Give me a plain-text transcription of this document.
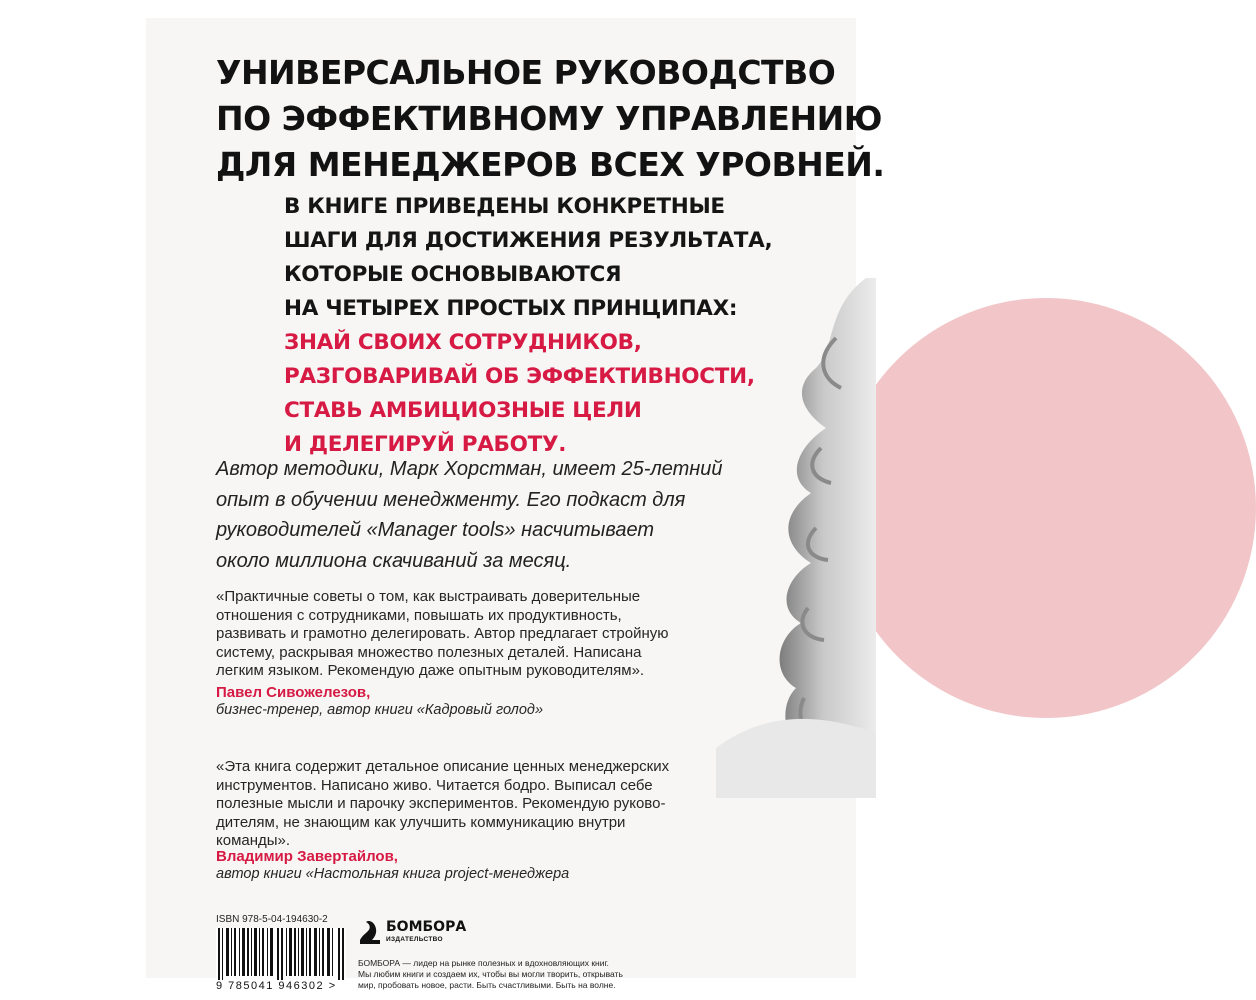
УНИВЕРСАЛЬНОЕ РУКОВОДСТВО
ПО ЭФФЕКТИВНОМУ УПРАВЛЕНИЮ
ДЛЯ МЕНЕДЖЕРОВ ВСЕХ УРОВНЕЙ.
В КНИГЕ ПРИВЕДЕНЫ КОНКРЕТНЫЕ
ШАГИ ДЛЯ ДОСТИЖЕНИЯ РЕЗУЛЬТАТА,
КОТОРЫЕ ОСНОВЫВАЮТСЯ
НА ЧЕТЫРЕХ ПРОСТЫХ ПРИНЦИПАХ:
ЗНАЙ СВОИХ СОТРУДНИКОВ,
РАЗГОВАРИВАЙ ОБ ЭФФЕКТИВНОСТИ,
СТАВЬ АМБИЦИОЗНЫЕ ЦЕЛИ
И ДЕЛЕГИРУЙ РАБОТУ.
Автор методики, Марк Хорстман, имеет 25-летний
опыт в обучении менеджменту. Его подкаст для
руководителей «Manager tools» насчитывает
около миллиона скачиваний за месяц.
«Практичные советы о том, как выстраивать доверительные
отношения с сотрудниками, повышать их продуктивность,
развивать и грамотно делегировать. Автор предлагает стройную
систему, раскрывая множество полезных деталей. Написана
легким языком. Рекомендую даже опытным руководителям».
Павел Сивожелезов,
бизнес-тренер, автор книги «Кадровый голод»
«Эта книга содержит детальное описание ценных менеджерских
инструментов. Написано живо. Читается бодро. Выписал себе
полезные мысли и парочку экспериментов. Рекомендую руково-
дителям, не знающим как улучшить коммуникацию внутри
команды».
Владимир Завертайлов,
автор книги «Настольная книга project-менеджера
ISBN 978-5-04-194630-2
9 785041 946302 >
БОМБОРА
ИЗДАТЕЛЬСТВО
БОМБОРА — лидер на рынке полезных и вдохновляющих книг.
Мы любим книги и создаем их, чтобы вы могли творить, открывать
мир, пробовать новое, расти. Быть счастливыми. Быть на волне.
